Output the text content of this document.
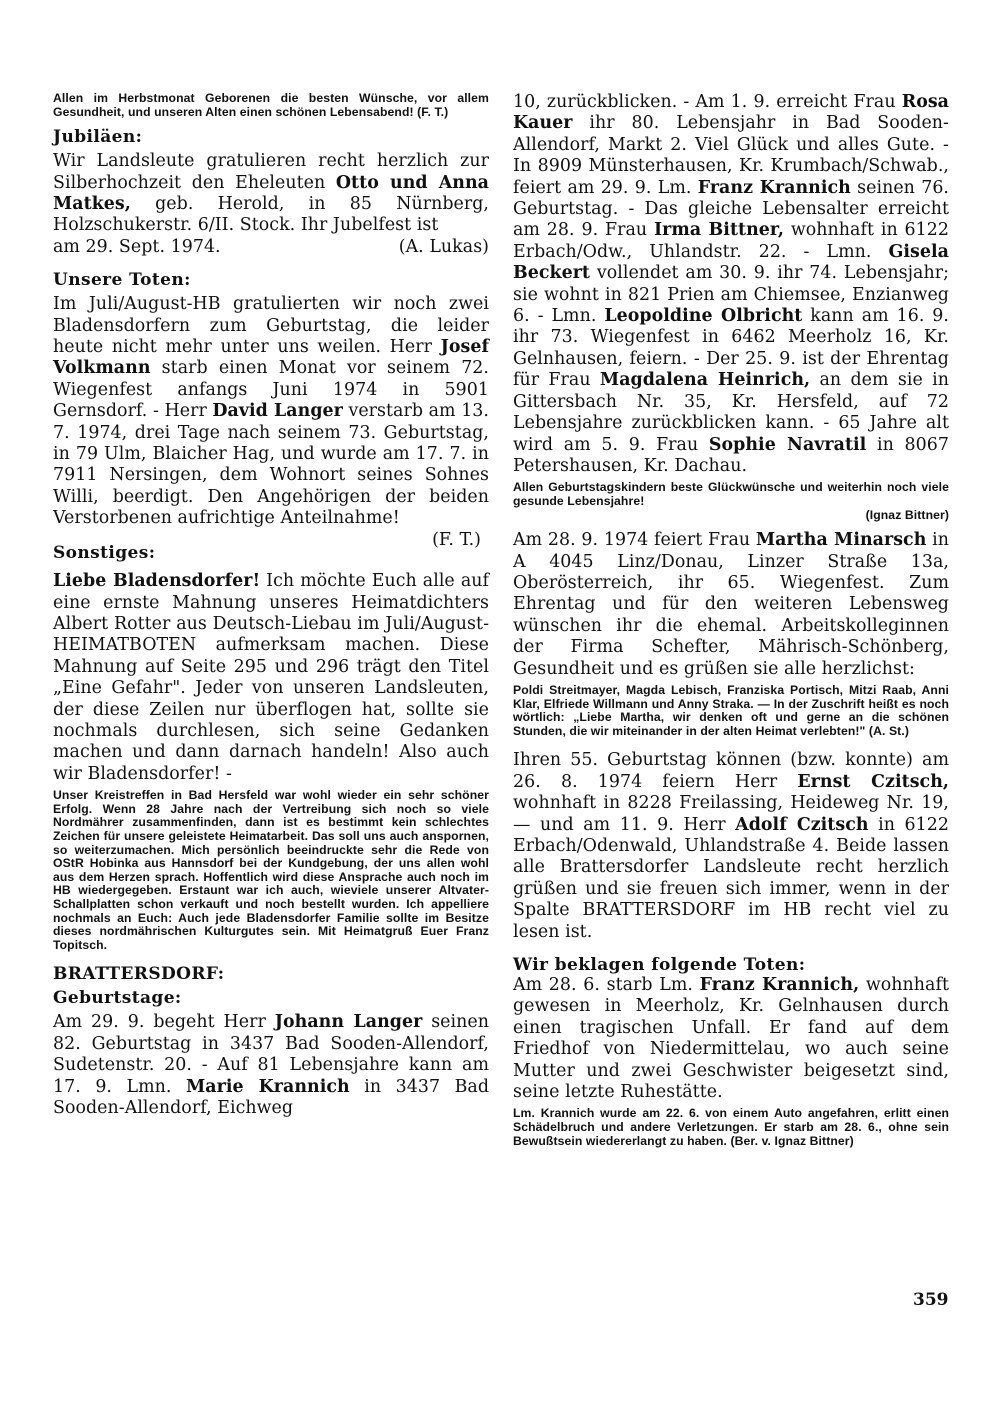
Allen im Herbstmonat Geborenen die besten Wünsche, vor allem Gesundheit, und unseren Alten einen schönen Lebensabend! (F. T.)

Jubiläen:

Wir Landsleute gratulieren recht herzlich zur Silberhochzeit den Eheleuten Otto und Anna Matkes, geb. Herold, in 85 Nürnberg, Holzschukerstr. 6/II. Stock. Ihr Jubelfest ist

am 29. Sept. 1974.	(A. Lukas)
Unsere Toten:

Im Juli/August-HB gratulierten wir noch zwei Bladensdorfern zum Geburtstag, die leider heute nicht mehr unter uns weilen. Herr Josef Volkmann starb einen Monat vor seinem 72. Wiegenfest anfangs Juni 1974 in 5901 Gernsdorf. - Herr David Langer verstarb am 13. 7. 1974, drei Tage nach seinem 73. Geburtstag, in 79 Ulm, Blaicher Hag, und wurde am 17. 7. in 7911 Nersingen, dem Wohnort seines Sohnes Willi, beerdigt. Den Angehörigen der beiden Verstorbenen aufrichtige Anteilnahme!

(F. T.)

Sonstiges:

Liebe Bladensdorfer! Ich möchte Euch alle auf eine ernste Mahnung unseres Heimatdichters Albert Rotter aus Deutsch-Liebau im Juli/August-HEIMATBOTEN aufmerksam machen. Diese Mahnung auf Seite 295 und 296 trägt den Titel „Eine Gefahr". Jeder von unseren Landsleuten, der diese Zeilen nur überflogen hat, sollte sie nochmals durchlesen, sich seine Gedanken machen und dann darnach handeln! Also auch wir Bladensdorfer! -

Unser Kreistreffen in Bad Hersfeld war wohl wieder ein sehr schöner Erfolg. Wenn 28 Jahre nach der Vertreibung sich noch so viele Nordmährer zusammenfinden, dann ist es bestimmt kein schlechtes Zeichen für unsere geleistete Heimatarbeit. Das soll uns auch anspornen, so weiterzumachen. Mich persönlich beeindruckte sehr die Rede von OStR Hobinka aus Hannsdorf bei der Kundgebung, der uns allen wohl aus dem Herzen sprach. Hoffentlich wird diese Ansprache auch noch im HB wiedergegeben. Erstaunt war ich auch, wieviele unserer Altvater-Schallplatten schon verkauft und noch bestellt wurden. Ich appelliere nochmals an Euch: Auch jede Bladensdorfer Familie sollte im Besitze dieses nordmährischen Kulturgutes sein. Mit Heimatgruß Euer Franz Topitsch.

BRATTERSDORF:
Geburtstage:

Am 29. 9. begeht Herr Johann Langer seinen 82. Geburtstag in 3437 Bad Sooden-Allendorf, Sudetenstr. 20. - Auf 81 Lebensjahre kann am 17. 9. Lmn. Marie Krannich in 3437 Bad Sooden-Allendorf, Eichweg

10, zurückblicken. - Am 1. 9. erreicht Frau Rosa Kauer ihr 80. Lebensjahr in Bad Sooden-Allendorf, Markt 2. Viel Glück und alles Gute. - In 8909 Münsterhausen, Kr. Krumbach/Schwab., feiert am 29. 9. Lm. Franz Krannich seinen 76. Geburtstag. - Das gleiche Lebensalter erreicht am 28. 9. Frau Irma Bittner, wohnhaft in 6122 Erbach/Odw., Uhlandstr. 22. - Lmn. Gisela Beckert vollendet am 30. 9. ihr 74. Lebensjahr; sie wohnt in 821 Prien am Chiemsee, Enzianweg 6. - Lmn. Leopoldine Olbricht kann am 16. 9. ihr 73. Wiegenfest in 6462 Meerholz 16, Kr. Gelnhausen, feiern. - Der 25. 9. ist der Ehrentag für Frau Magdalena Heinrich, an dem sie in Gittersbach Nr. 35, Kr. Hersfeld, auf 72 Lebensjahre zurückblicken kann. - 65 Jahre alt wird am 5. 9. Frau Sophie Navratil in 8067 Petershausen, Kr. Dachau.

Allen Geburtstagskindern beste Glückwünsche und weiterhin noch viele gesunde Lebensjahre!

(Ignaz Bittner)

Am 28. 9. 1974 feiert Frau Martha Minarsch in A 4045 Linz/Donau, Linzer Straße 13a, Oberösterreich, ihr 65. Wiegenfest. Zum Ehrentag und für den weiteren Lebensweg wünschen ihr die ehemal. Arbeitskolleginnen der Firma Schefter, Mährisch-Schönberg, Gesundheit und es grüßen sie alle herzlichst:

Poldi Streitmayer, Magda Lebisch, Franziska Portisch, Mitzi Raab, Anni Klar, Elfriede Willmann und Anny Straka. — In der Zuschrift heißt es noch wörtlich: „Liebe Martha, wir denken oft und gerne an die schönen Stunden, die wir miteinander in der alten Heimat verlebten!" (A. St.)

Ihren 55. Geburtstag können (bzw. konnte) am 26. 8. 1974 feiern Herr Ernst Czitsch, wohnhaft in 8228 Freilassing, Heideweg Nr. 19, — und am 11. 9. Herr Adolf Czitsch in 6122 Erbach/Odenwald, Uhlandstraße 4. Beide lassen alle Brattersdorfer Landsleute recht herzlich grüßen und sie freuen sich immer, wenn in der Spalte BRATTERSDORF im HB recht viel zu lesen ist.

Wir beklagen folgende Toten:

Am 28. 6. starb Lm. Franz Krannich, wohnhaft gewesen in Meerholz, Kr. Gelnhausen durch einen tragischen Unfall. Er fand auf dem Friedhof von Niedermittelau, wo auch seine Mutter und zwei Geschwister beigesetzt sind, seine letzte Ruhestätte.

Lm. Krannich wurde am 22. 6. von einem Auto angefahren, erlitt einen Schädelbruch und andere Verletzungen. Er starb am 28. 6., ohne sein Bewußtsein wiedererlangt zu haben. (Ber. v. Ignaz Bittner)

359
